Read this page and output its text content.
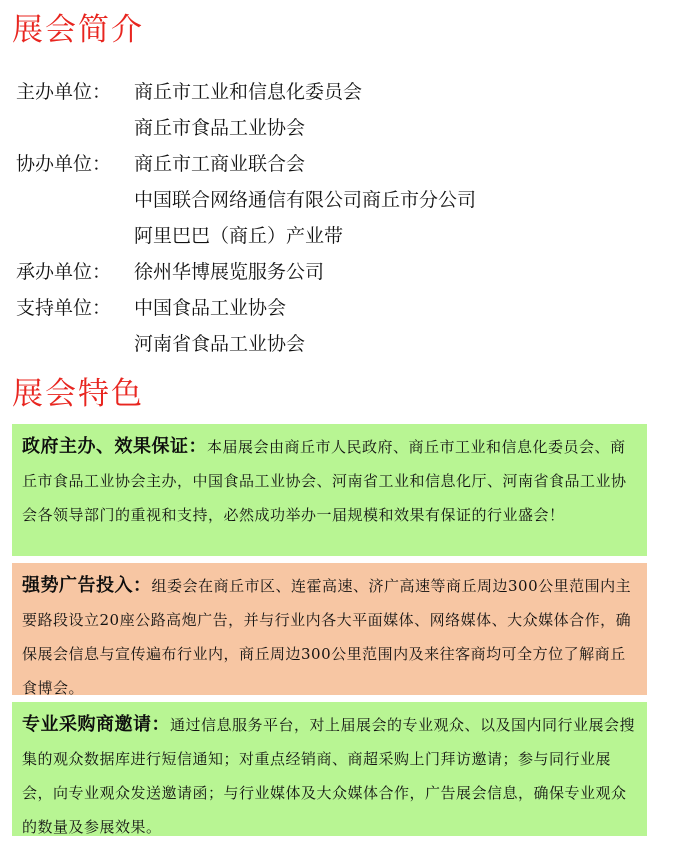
展会简介
主办单位： 商丘市工业和信息化委员会
商丘市食品工业协会
协办单位： 商丘市工商业联合会
中国联合网络通信有限公司商丘市分公司
阿里巴巴（商丘）产业带
承办单位： 徐州华博展览服务公司
支持单位： 中国食品工业协会
河南省食品工业协会
展会特色
政府主办、效果保证：本届展会由商丘市人民政府、商丘市工业和信息化委员会、商丘市食品工业协会主办，中国食品工业协会、河南省工业和信息化厅、河南省食品工业协会各领导部门的重视和支持，必然成功举办一届规模和效果有保证的行业盛会！
强势广告投入：组委会在商丘市区、连霍高速、济广高速等商丘周边300公里范围内主要路段设立20座公路高炮广告，并与行业内各大平面媒体、网络媒体、大众媒体合作，确保展会信息与宣传遍布行业内，商丘周边300公里范围内及来往客商均可全方位了解商丘食博会。
专业采购商邀请：通过信息服务平台，对上届展会的专业观众、以及国内同行业展会搜集的观众数据库进行短信通知；对重点经销商、商超采购上门拜访邀请；参与同行业展会，向专业观众发送邀请函；与行业媒体及大众媒体合作，广告展会信息，确保专业观众的数量及参展效果。
